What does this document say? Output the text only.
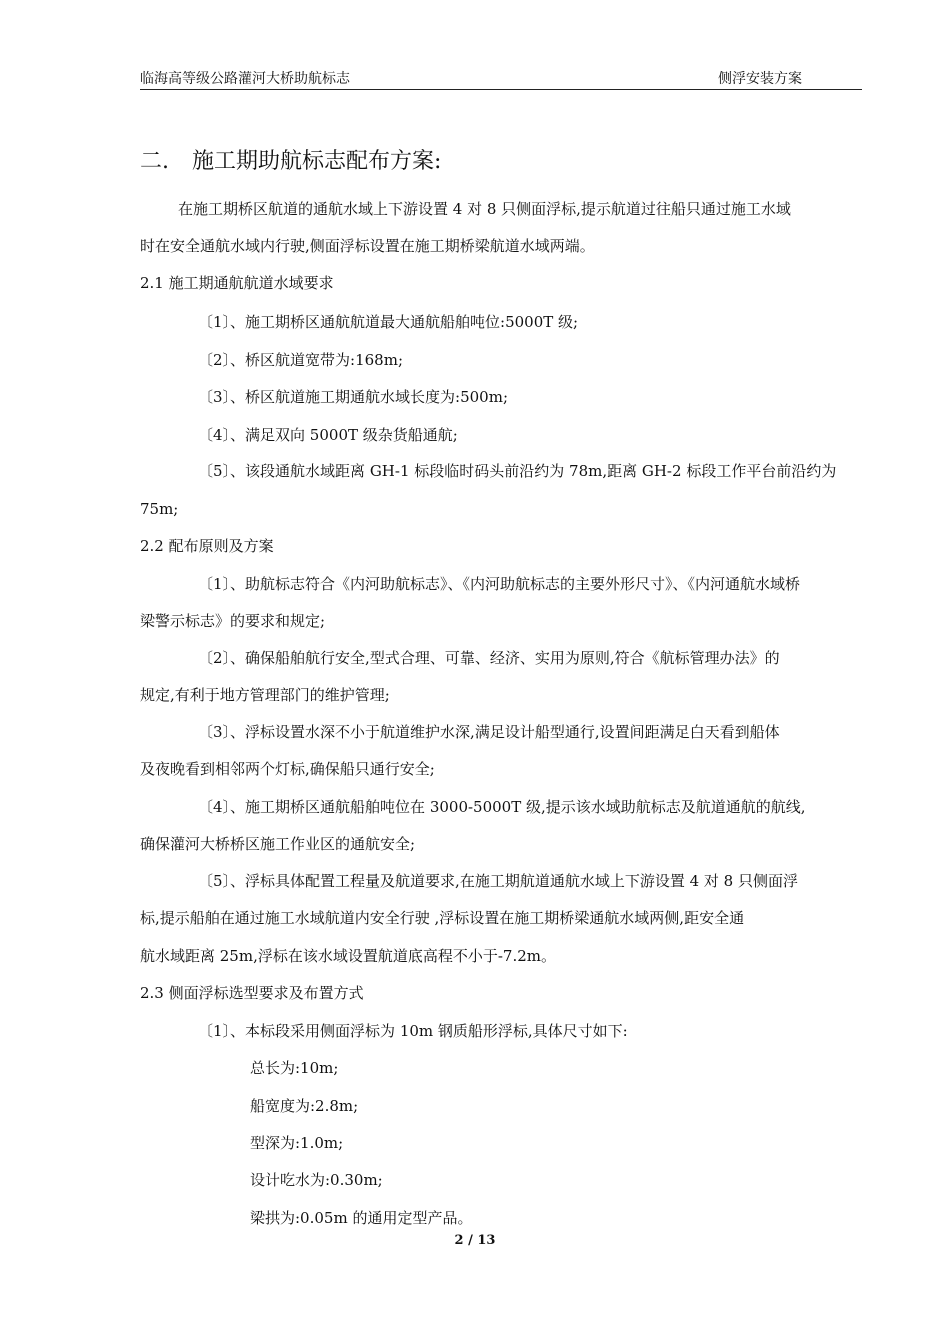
临海高等级公路灌河大桥助航标志	侧浮安装方案
二. 施工期助航标志配布方案:
在施工期桥区航道的通航水域上下游设置 4 对 8 只侧面浮标,提示航道过往船只通过施工水域
时在安全通航水域内行驶,侧面浮标设置在施工期桥梁航道水域两端。
2.1 施工期通航航道水域要求
〔1〕、施工期桥区通航航道最大通航船舶吨位:5000T 级;
〔2〕、桥区航道宽带为:168m;
〔3〕、桥区航道施工期通航水域长度为:500m;
〔4〕、满足双向 5000T 级杂货船通航;
〔5〕、该段通航水域距离 GH-1 标段临时码头前沿约为 78m,距离 GH-2 标段工作平台前沿约为
75m;
2.2 配布原则及方案
〔1〕、助航标志符合《内河助航标志》、《内河助航标志的主要外形尺寸》、《内河通航水域桥
梁警示标志》的要求和规定;
〔2〕、确保船舶航行安全,型式合理、可靠、经济、实用为原则,符合《航标管理办法》的
规定,有利于地方管理部门的维护管理;
〔3〕、浮标设置水深不小于航道维护水深,满足设计船型通行,设置间距满足白天看到船体
及夜晚看到相邻两个灯标,确保船只通行安全;
〔4〕、施工期桥区通航船舶吨位在 3000-5000T 级,提示该水域助航标志及航道通航的航线,
确保灌河大桥桥区施工作业区的通航安全;
〔5〕、浮标具体配置工程量及航道要求,在施工期航道通航水域上下游设置 4 对 8 只侧面浮
标,提示船舶在通过施工水域航道内安全行驶 ,浮标设置在施工期桥梁通航水域两侧,距安全通
航水域距离 25m,浮标在该水域设置航道底高程不小于-7.2m。
2.3 侧面浮标选型要求及布置方式
〔1〕、本标段采用侧面浮标为 10m 钢质船形浮标,具体尺寸如下:
总长为:10m;
船宽度为:2.8m;
型深为:1.0m;
设计吃水为:0.30m;
梁拱为:0.05m 的通用定型产品。
2 / 13
